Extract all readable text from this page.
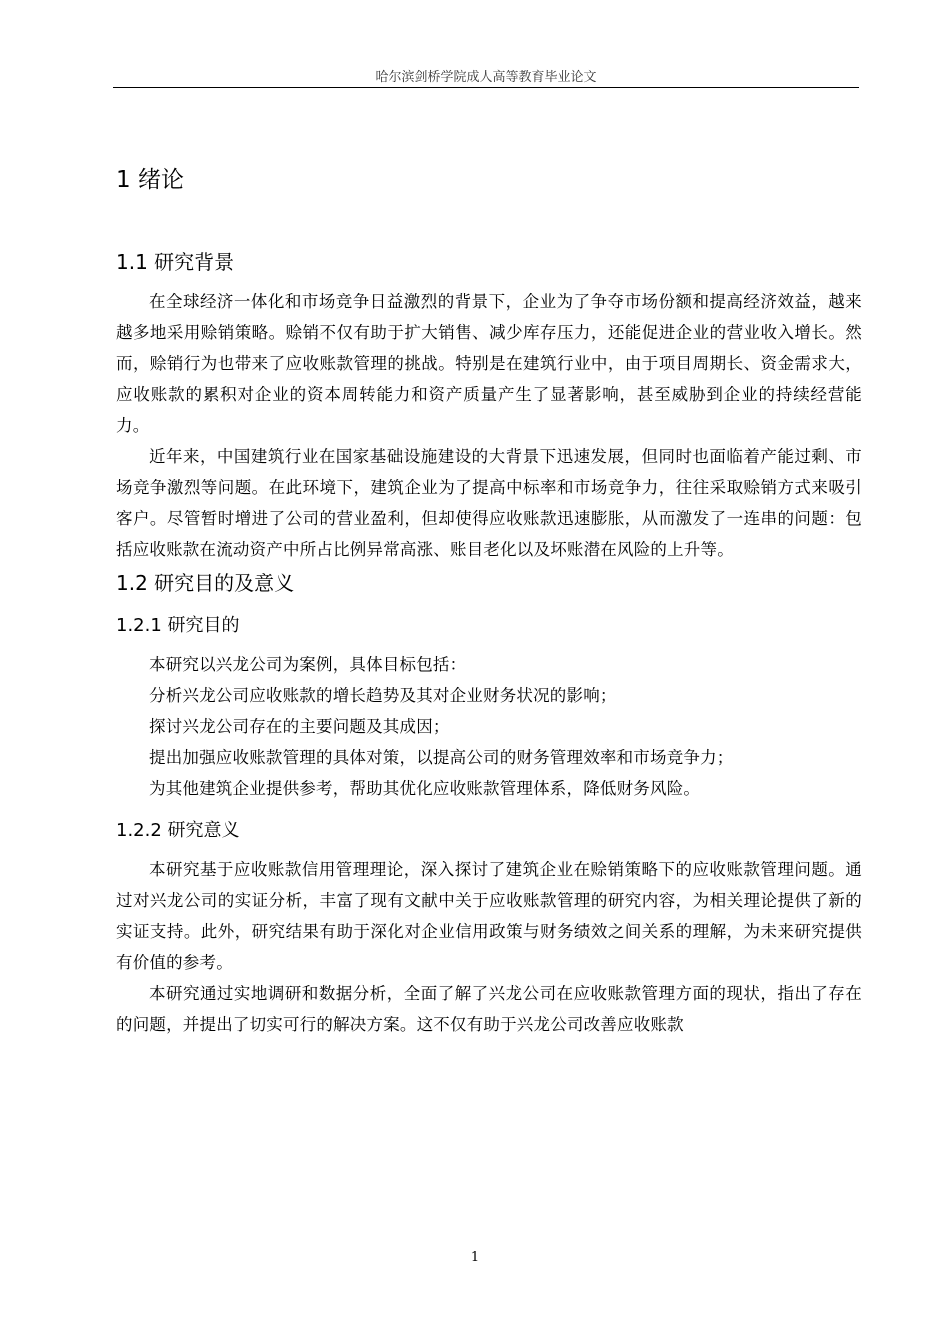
哈尔滨剑桥学院成人高等教育毕业论文
1 绪论
1.1 研究背景

在全球经济一体化和市场竞争日益激烈的背景下，企业为了争夺市场份额和提高经济效益，越来越多地采用赊销策略。赊销不仅有助于扩大销售、减少库存压力，还能促进企业的营业收入增长。然而，赊销行为也带来了应收账款管理的挑战。特别是在建筑行业中，由于项目周期长、资金需求大，应收账款的累积对企业的资本周转能力和资产质量产生了显著影响，甚至威胁到企业的持续经营能力。

近年来，中国建筑行业在国家基础设施建设的大背景下迅速发展，但同时也面临着产能过剩、市场竞争激烈等问题。在此环境下，建筑企业为了提高中标率和市场竞争力，往往采取赊销方式来吸引客户。尽管暂时增进了公司的营业盈利，但却使得应收账款迅速膨胀，从而激发了一连串的问题：包括应收账款在流动资产中所占比例异常高涨、账目老化以及坏账潜在风险的上升等。

1.2 研究目的及意义
1.2.1 研究目的

本研究以兴龙公司为案例，具体目标包括：

分析兴龙公司应收账款的增长趋势及其对企业财务状况的影响；

探讨兴龙公司存在的主要问题及其成因；

提出加强应收账款管理的具体对策，以提高公司的财务管理效率和市场竞争力；

为其他建筑企业提供参考，帮助其优化应收账款管理体系，降低财务风险。

1.2.2 研究意义

本研究基于应收账款信用管理理论，深入探讨了建筑企业在赊销策略下的应收账款管理问题。通过对兴龙公司的实证分析，丰富了现有文献中关于应收账款管理的研究内容，为相关理论提供了新的实证支持。此外，研究结果有助于深化对企业信用政策与财务绩效之间关系的理解，为未来研究提供有价值的参考。

本研究通过实地调研和数据分析，全面了解了兴龙公司在应收账款管理方面的现状，指出了存在的问题，并提出了切实可行的解决方案。这不仅有助于兴龙公司改善应收账款

1
